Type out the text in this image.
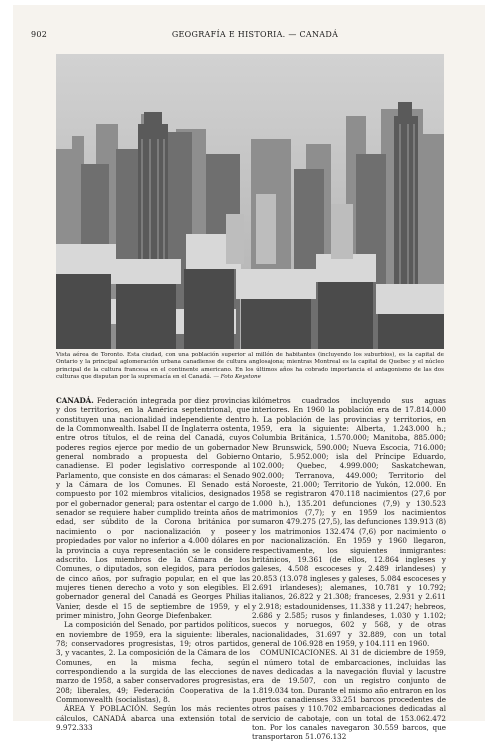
902	GEOGRAFÍA E HISTORIA. — CANADÁ
Vista aérea de Toronto. Esta ciudad, con una población superior al millón de habitantes (incluyendo los suburbios), es la capital de Ontario y la principal aglomeración urbana canadiense de cultura anglosajona; mientras Montreal es la capital de Quebec y el núcleo principal de la cultura francesa en el continente americano. En los últimos años ha cobrado importancia el antagonismo de las dos culturas que disputan por la supremacía en el Canadá. — Foto Keystone

CANADÁ. Federación integrada por diez provincias y dos territorios, en la América septentrional, que constituyen una nacionalidad independiente dentro de la Commonwealth. Isabel II de Inglaterra ostenta, entre otros títulos, el de reina del Canadá, cuyos poderes regios ejerce por medio de un gobernador general nombrado a propuesta del Gobierno canadiense. El poder legislativo corresponde al Parlamento, que consiste en dos cámaras: el Senado y la Cámara de los Comunes. El Senado está compuesto por 102 miembros vitalicios, designados por el gobernador general; para ostentar el cargo de senador se requiere haber cumplido treinta años de edad, ser súbdito de la Corona británica por nacimiento o por nacionalización y poseer propiedades por valor no inferior a 4.000 dólares en la provincia a cuya representación se le considere adscrito. Los miembros de la Cámara de los Comunes, o diputados, son elegidos, para períodos de cinco años, por sufragio popular, en el que las mujeres tienen derecho a voto y son elegibles. El gobernador general del Canadá es Georges Philias Vanier, desde el 15 de septiembre de 1959, y el primer ministro, John George Diefenbaker.

La composición del Senado, por partidos políticos, en noviembre de 1959, era la siguiente: liberales, 78; conservadores progresistas, 19; otros partidos, 3, y vacantes, 2. La composición de la Cámara de los Comunes, en la misma fecha, según correspondiendo a la surgida de las elecciones de marzo de 1958, a saber conservadores progresistas, 208; liberales, 49; Federación Cooperativa de la Commonwealth (socialistas), 8.

ÁREA Y POBLACIÓN. Según los más recientes cálculos, CANADÁ abarca una extensión total de 9.972.333

kilómetros cuadrados incluyendo sus aguas interiores. En 1960 la población era de 17.814.000 h. La población de las provincias y territorios, en 1959, era la siguiente: Alberta, 1.243.000 h.; Columbia Británica, 1.570.000; Manitoba, 885.000; New Brunswick, 590.000; Nueva Escocia, 716.000; Ontario, 5.952.000; isla del Príncipe Eduardo, 102.000; Quebec, 4.999.000; Saskatchewan, 902.000; Terranova, 449.000; Territorio del Noroeste, 21.000; Territorio de Yukón, 12.000. En 1958 se registraron 470.118 nacimientos (27,6 por 1.000 h.), 135.201 defunciones (7,9) y 130.523 matrimonios (7,7); y en 1959 los nacimientos sumaron 479.275 (27,5), las defunciones 139.913 (8) y los matrimonios 132.474 (7,6) por nacimiento o por nacionalización. En 1959 y 1960 llegaron, respectivamente, los siguientes inmigrantes: británicos, 19.361 (de ellos, 12.864 ingleses y galeses, 4.508 escoceses y 2.489 irlandeses) y 20.853 (13.078 ingleses y galeses, 5.084 escoceses y 2.691 irlandeses); alemanes, 10.781 y 10.792; italianos, 26.822 y 21.308; franceses, 2.931 y 2.611 y 2.918; estadounidenses, 11.338 y 11.247; hebreos, 2.686 y 2.585; rusos y finlandeses, 1.030 y 1.102; suecos y noruegos, 602 y 568, y de otras nacionalidades, 31.697 y 32.889, con un total general de 106.928 en 1959, y 104.111 en 1960.

COMUNICACIONES. Al 31 de diciembre de 1959, el número total de embarcaciones, incluidas las naves dedicadas a la navegación fluvial y lacustre era de 19.507, con un registro conjunto de 1.819.034 ton. Durante el mismo año entraron en los puertos canadienses 33.251 barcos procedentes de otros países y 110.702 embarcaciones dedicadas al servicio de cabotaje, con un total de 153.062.472 ton. Por los canales navegaron 30.559 barcos, que transportaron 51.076.132
